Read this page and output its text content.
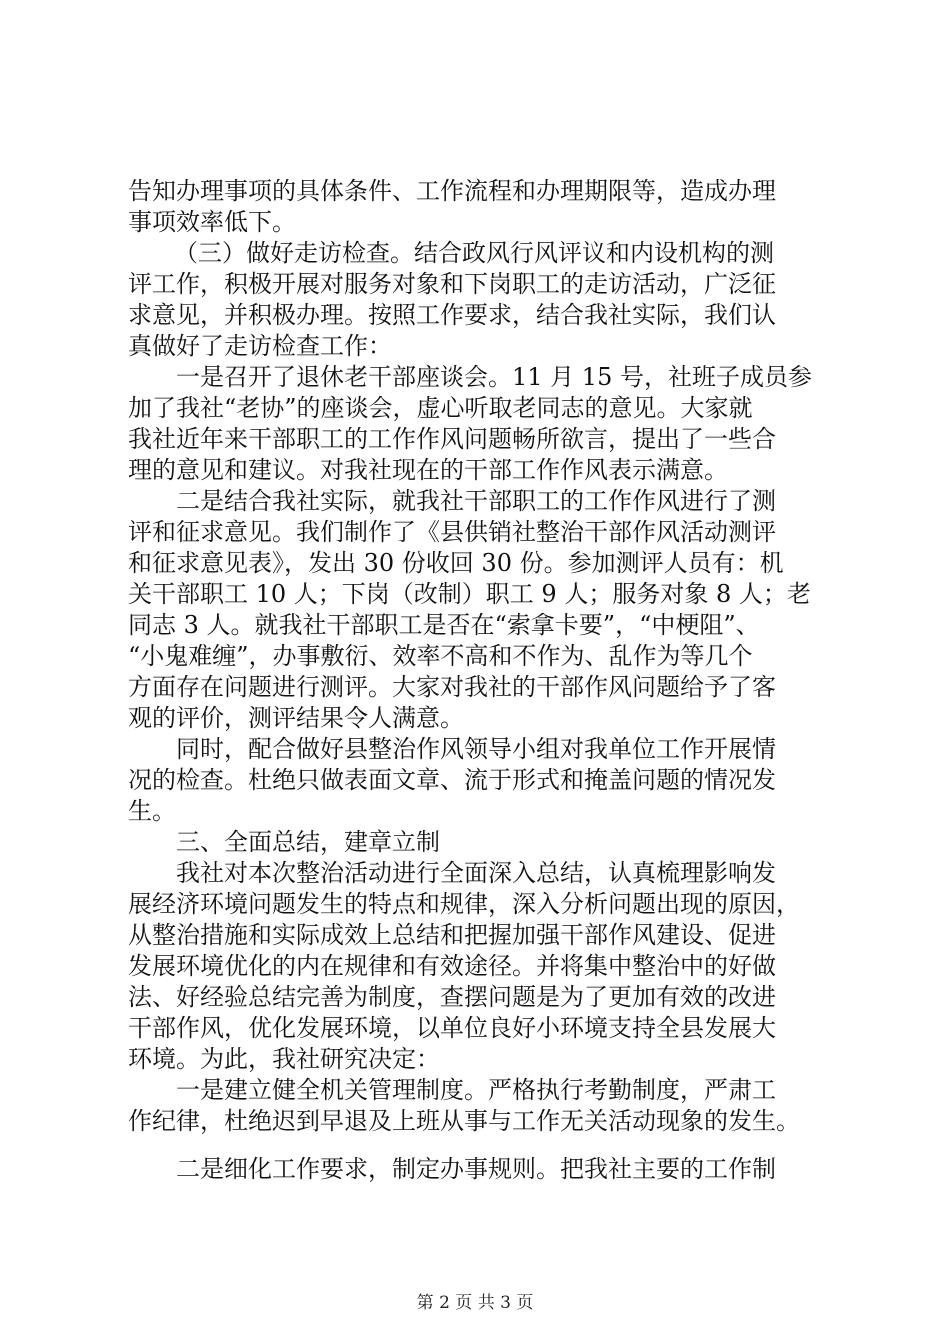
告知办理事项的具体条件、工作流程和办理期限等，造成办理

事项效率低下。

（三）做好走访检查。结合政风行风评议和内设机构的测

评工作，积极开展对服务对象和下岗职工的走访活动，广泛征

求意见，并积极办理。按照工作要求，结合我社实际，我们认

真做好了走访检查工作：

一是召开了退休老干部座谈会。11 月 15 号，社班子成员参

加了我社“老协”的座谈会，虚心听取老同志的意见。大家就

我社近年来干部职工的工作作风问题畅所欲言，提出了一些合

理的意见和建议。对我社现在的干部工作作风表示满意。

二是结合我社实际，就我社干部职工的工作作风进行了测

评和征求意见。我们制作了《县供销社整治干部作风活动测评

和征求意见表》，发出 30 份收回 30 份。参加测评人员有：机

关干部职工 10 人；下岗（改制）职工 9 人；服务对象 8 人；老

同志 3 人。就我社干部职工是否在“索拿卡要”，“中梗阻”、

“小鬼难缠”，办事敷衍、效率不高和不作为、乱作为等几个

方面存在问题进行测评。大家对我社的干部作风问题给予了客

观的评价，测评结果令人满意。

同时，配合做好县整治作风领导小组对我单位工作开展情

况的检查。杜绝只做表面文章、流于形式和掩盖问题的情况发

生。

三、全面总结，建章立制

我社对本次整治活动进行全面深入总结，认真梳理影响发

展经济环境问题发生的特点和规律，深入分析问题出现的原因，

从整治措施和实际成效上总结和把握加强干部作风建设、促进

发展环境优化的内在规律和有效途径。并将集中整治中的好做

法、好经验总结完善为制度，查摆问题是为了更加有效的改进

干部作风，优化发展环境，以单位良好小环境支持全县发展大

环境。为此，我社研究决定：

一是建立健全机关管理制度。严格执行考勤制度，严肃工

作纪律，杜绝迟到早退及上班从事与工作无关活动现象的发生。

二是细化工作要求，制定办事规则。把我社主要的工作制

第 2 页 共 3 页
